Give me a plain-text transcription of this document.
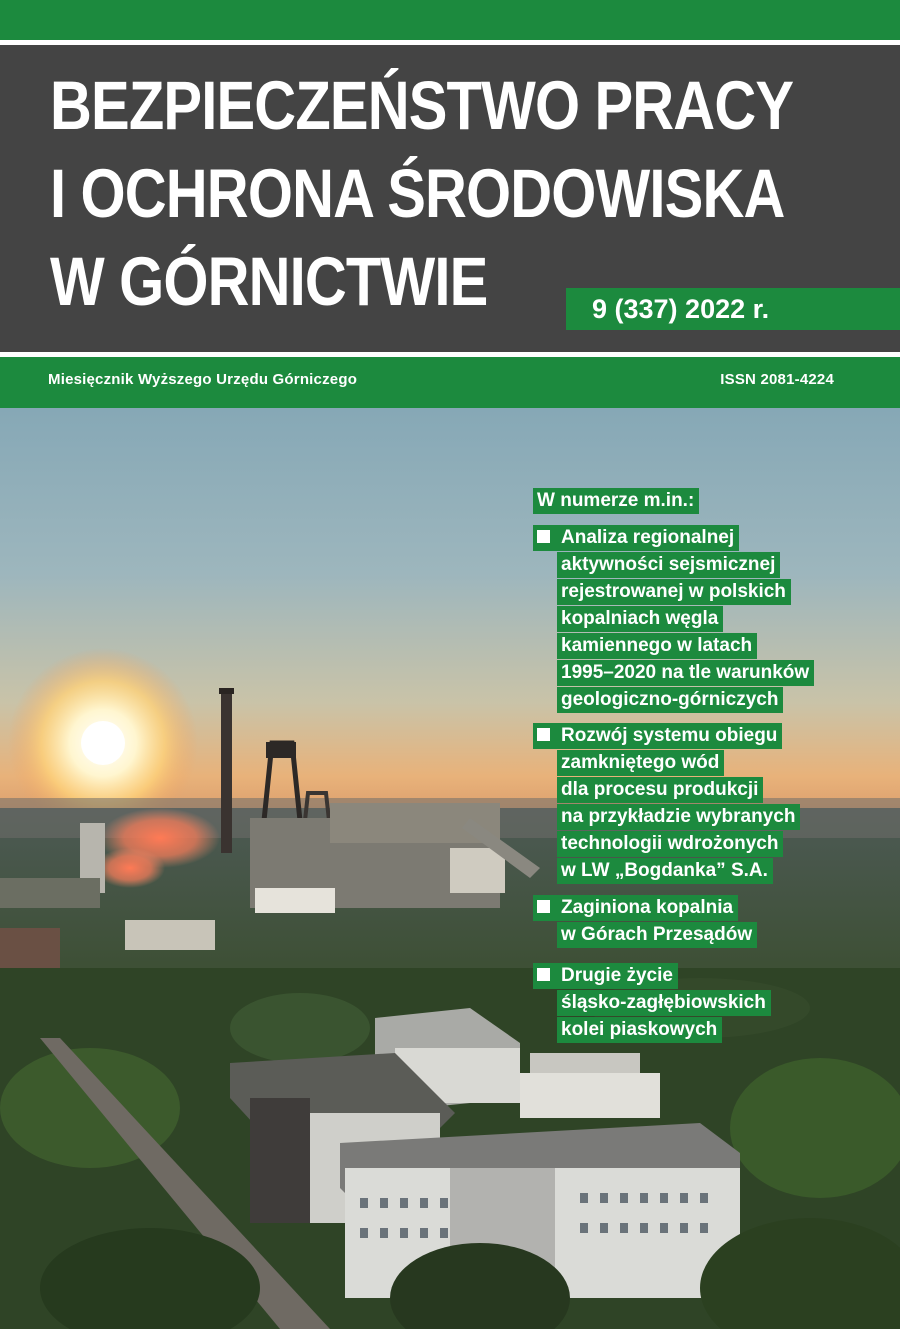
BEZPIECZEŃSTWO PRACY
I OCHRONA ŚRODOWISKA
W GÓRNICTWIE	9 (337) 2022 r.
Miesięcznik Wyższego Urzędu Górniczego	ISSN 2081-4224
W numerze m.in.:
Analiza regionalnej
aktywności sejsmicznej
rejestrowanej w polskich
kopalniach węgla
kamiennego w latach
1995–2020 na tle warunków
geologiczno-górniczych
Rozwój systemu obiegu
zamkniętego wód
dla procesu produkcji
na przykładzie wybranych
technologii wdrożonych
w LW „Bogdanka” S.A.
Zaginiona kopalnia
w Górach Przesądów
Drugie życie
śląsko-zagłębiowskich
kolei piaskowych
